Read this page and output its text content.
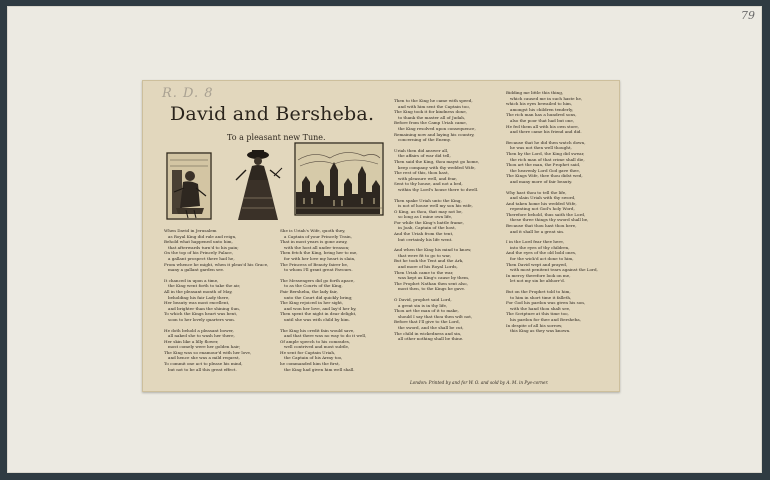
79
R. D. 8
David and Bersheba.
To a pleasant new Tune.
When David in Jerusalem
as Royal King did rule and reign,
Behold what happened unto him,
that afterwards turn'd to his pain;
On the top of his Princely Palace,
a gallant prospect there had he,
From whence he might, when it pleas'd his Grace,
many a gallant garden see.
It chanced in upon a time,
the King went forth to take the air,
All in the pleasant month of May,
beholding his fair Lady there,
Her beauty was most excellent,
and brighter than the shining Sun,
To which the Kings heart was bent,
soon to her lovely quarters won.
He doth behold a pleasant bower,
all naked she to wash her there,
Her skin like a lilly flower,
most comely were her golden hair;
The King was so enamour'd with her love,
and hence she was a mild request,
To commit one act to please his mind,
but not to be all this great effect.
She is Uriah's Wife, quoth they,
a Captain of your Princely Train,
That in most years is gone away,
with the host all under treason;
Then fetch the King, bring her to me,
for with her love my heart is slain,
The Princess of Beauty fairer be,
to whom I'll grant great Favours.
The Messengers did go forth apace,
to as the Courts of the King,
Fair Bersheba, the lady fair,
unto the Court did quickly bring;
The King rejoiced in her sight,
and won her love, and lay'd her by,
Then spent the night in dear delight,
until she was with child by him.
The King his credit fain would save,
and that there was no way to do it well,
Of ample speech to his comrades,
well contrived and most subtle,
He sent for Captain Uriah,
the Captain of his Army too,
he commanded him the first,
the King had given him well shall.
Then to the King he came with speed,
and with him sent the Captain too,
The King took it for kindness done,
to thank the master all of Judah,
Before from the Camp Uriah came,
the King resolved upon consequence,
Remaining now and laying his country,
concerning of the Enemy.
Uriah then did answer all,
the affairs of war did tell,
Then said the King, thou mayst go home,
keep company with thy wedded Wife,
The rest of this, thou hast,
with pleasure well, and fear,
Sent to thy house, and not a bed,
within thy Lord's house there to dwell.
Then spake Uriah unto the King,
is not of house well my son his wife,
O King, as thou, that may not be,
so long as I mine own life,
For while the King's battle frame,
in Joab, Captain of the host,
And the Uriah from the tent,
but certainly his life went.
And when the King his mind to know,
that were fit to go to war,
But he took the Tent and the Ark,
and more of his Royal Lords,
Then Uriah came to the war,
was kept as King's cause by them,
The Prophet Nathan then sent also,
most then, to the Kings he gave.
O David, prophet said Lord,
a great sin is in thy life,
Thou art the man of it to make,
should I say that thou then wilt not,
Before that I'll give to the Lord,
the sword, and the shall be cut,
The child in wickedness and sin,
all other nothing shall be thine.
Bidding me little this thing,
which caused me in such haste he,
which his eyes bewailed to him,
amongst his children tenderly,
The rich man has a hundred sons,
also the poor that had but one,
He fed them all with his own store,
and there came his friend and did.
Because that he did then watch down,
he was not then well thought,
Then by the Lord, the King did swear,
the rich man of that crime shall die,
Thou art the man, the Prophet said,
the heavenly Lord God gave thee,
The Kings Wife, thee thou didst wed,
and many more of fair beauty.
Why hast thou to tell the life,
and slain Uriah with thy sword,
And taken home his wedded Wife,
repenting not God's holy Word,
Therefore behold, thus saith the Lord,
these three things thy sword shall be,
Because that thou hast thou here,
and it shall be a great sin.
I in the Lord fear thee here,
into the eyes of thy children,
And the eyes of the old bold ones,
for the wick'd act done to him,
Then David wept and prayed,
with most penitent tears against the Lord,
In mercy therefore look on me,
let not my sin be abhorr'd.
But on the Prophet told to him,
to him in short time it falleth,
For God his pardon was given his son,
with the hand thou shalt see,
The Scripture at this time too,
his pardon for thee and Bersheba,
In despite of all his sorrow,
this King as they was known.
London: Printed by and for W. O. and sold by A. M. in Pye-corner.
